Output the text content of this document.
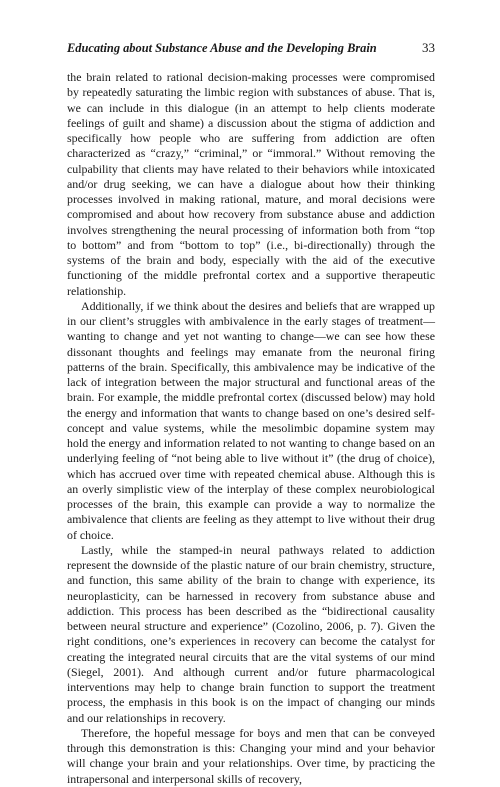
Educating about Substance Abuse and the Developing Brain	33

the brain related to rational decision-making processes were compromised by repeatedly saturating the limbic region with substances of abuse. That is, we can include in this dialogue (in an attempt to help clients moderate feelings of guilt and shame) a discussion about the stigma of addiction and specifically how people who are suffering from addiction are often characterized as “crazy,” “criminal,” or “immoral.” Without removing the culpability that clients may have related to their behaviors while intoxicated and/or drug seeking, we can have a dialogue about how their thinking processes involved in making rational, mature, and moral decisions were compromised and about how recovery from substance abuse and addiction involves strengthening the neural processing of information both from “top to bottom” and from “bottom to top” (i.e., bi-directionally) through the systems of the brain and body, especially with the aid of the executive functioning of the middle prefrontal cortex and a supportive therapeutic relationship.

Additionally, if we think about the desires and beliefs that are wrapped up in our client’s struggles with ambivalence in the early stages of treatment—wanting to change and yet not wanting to change—we can see how these dissonant thoughts and feelings may emanate from the neuronal firing patterns of the brain. Specifically, this ambivalence may be indicative of the lack of integration between the major structural and functional areas of the brain. For example, the middle prefrontal cortex (discussed below) may hold the energy and information that wants to change based on one’s desired self-concept and value systems, while the mesolimbic dopamine system may hold the energy and information related to not wanting to change based on an underlying feeling of “not being able to live without it” (the drug of choice), which has accrued over time with repeated chemical abuse. Although this is an overly simplistic view of the interplay of these complex neurobiological processes of the brain, this example can provide a way to normalize the ambivalence that clients are feeling as they attempt to live without their drug of choice.

Lastly, while the stamped-in neural pathways related to addiction represent the downside of the plastic nature of our brain chemistry, structure, and function, this same ability of the brain to change with experience, its neuroplasticity, can be harnessed in recovery from substance abuse and addiction. This process has been described as the “bidirectional causality between neural structure and experience” (Cozolino, 2006, p. 7). Given the right conditions, one’s experiences in recovery can become the catalyst for creating the integrated neural circuits that are the vital systems of our mind (Siegel, 2001). And although current and/or future pharmacological interventions may help to change brain function to support the treatment process, the emphasis in this book is on the impact of changing our minds and our relationships in recovery.

Therefore, the hopeful message for boys and men that can be conveyed through this demonstration is this: Changing your mind and your behavior will change your brain and your relationships. Over time, by practicing the intrapersonal and interpersonal skills of recovery,
